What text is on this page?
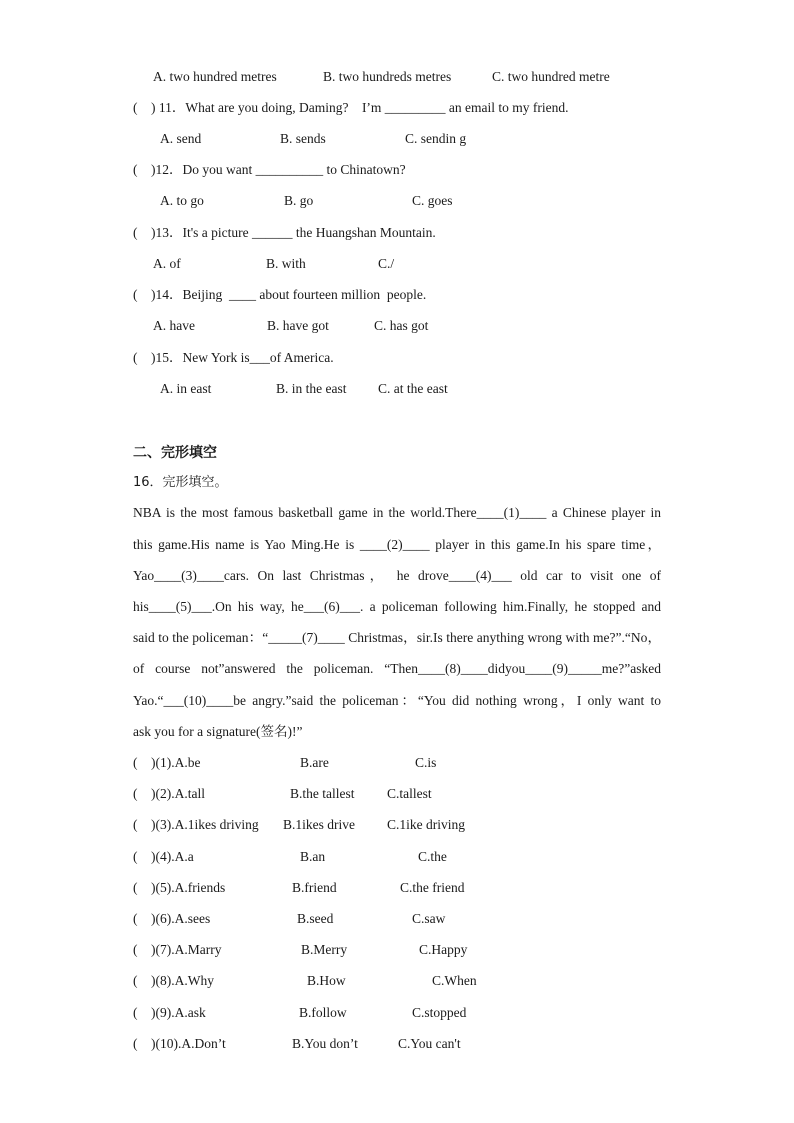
A. two hundred metres	B. two hundreds metres	C. two hundred metre
(    ) 11．What are you doing, Daming?    I’m _________ an email to my friend.
A. send	B. sends	C. sendin g
(    )12．Do you want __________ to Chinatown?
A. to go	B. go	C. goes
(    )13．It's a picture ______ the Huangshan Mountain.
A. of	B. with	C./
(    )14．Beijing  ____ about fourteen million  people.
A. have	B. have got	C. has got
(    )15．New York is___of America.
A. in east	B. in the east C. at the east
二、完形填空
16．完形填空。
NBA is the most famous basketball game in the world.There____(1)____ a Chinese player in
this game.His name is Yao Ming.He is ____(2)____ player in this game.In his spare time，
Yao____(3)____cars. On last Christmas， he drove____(4)___ old car to visit one of
his____(5)___.On his way, he___(6)___. a policeman following him.Finally, he stopped and
said to the policeman：“_____(7)____ Christmas，sir.Is there anything wrong with me?”.“No，
of course not”answered the policeman. “Then____(8)____didyou____(9)_____me?”asked
Yao.“___(10)____be angry.”said the policeman：“You did nothing wrong，I only want to
ask you for a signature(签名)!”
(    )(1).A.be	B.are	C.is
(    )(2).A.tall	B.the tallest C.tallest
(    )(3).A.1ikes driving B.1ikes drive C.1ike driving
(    )(4).A.a	B.an	C.the
(    )(5).A.friends	B.friend	C.the friend
(    )(6).A.sees	B.seed	C.saw
(    )(7).A.Marry	B.Merry	C.Happy
(    )(8).A.Why	B.How	C.When
(    )(9).A.ask	B.follow	C.stopped
(    )(10).A.Don’t	B.You don’t	C.You can't
